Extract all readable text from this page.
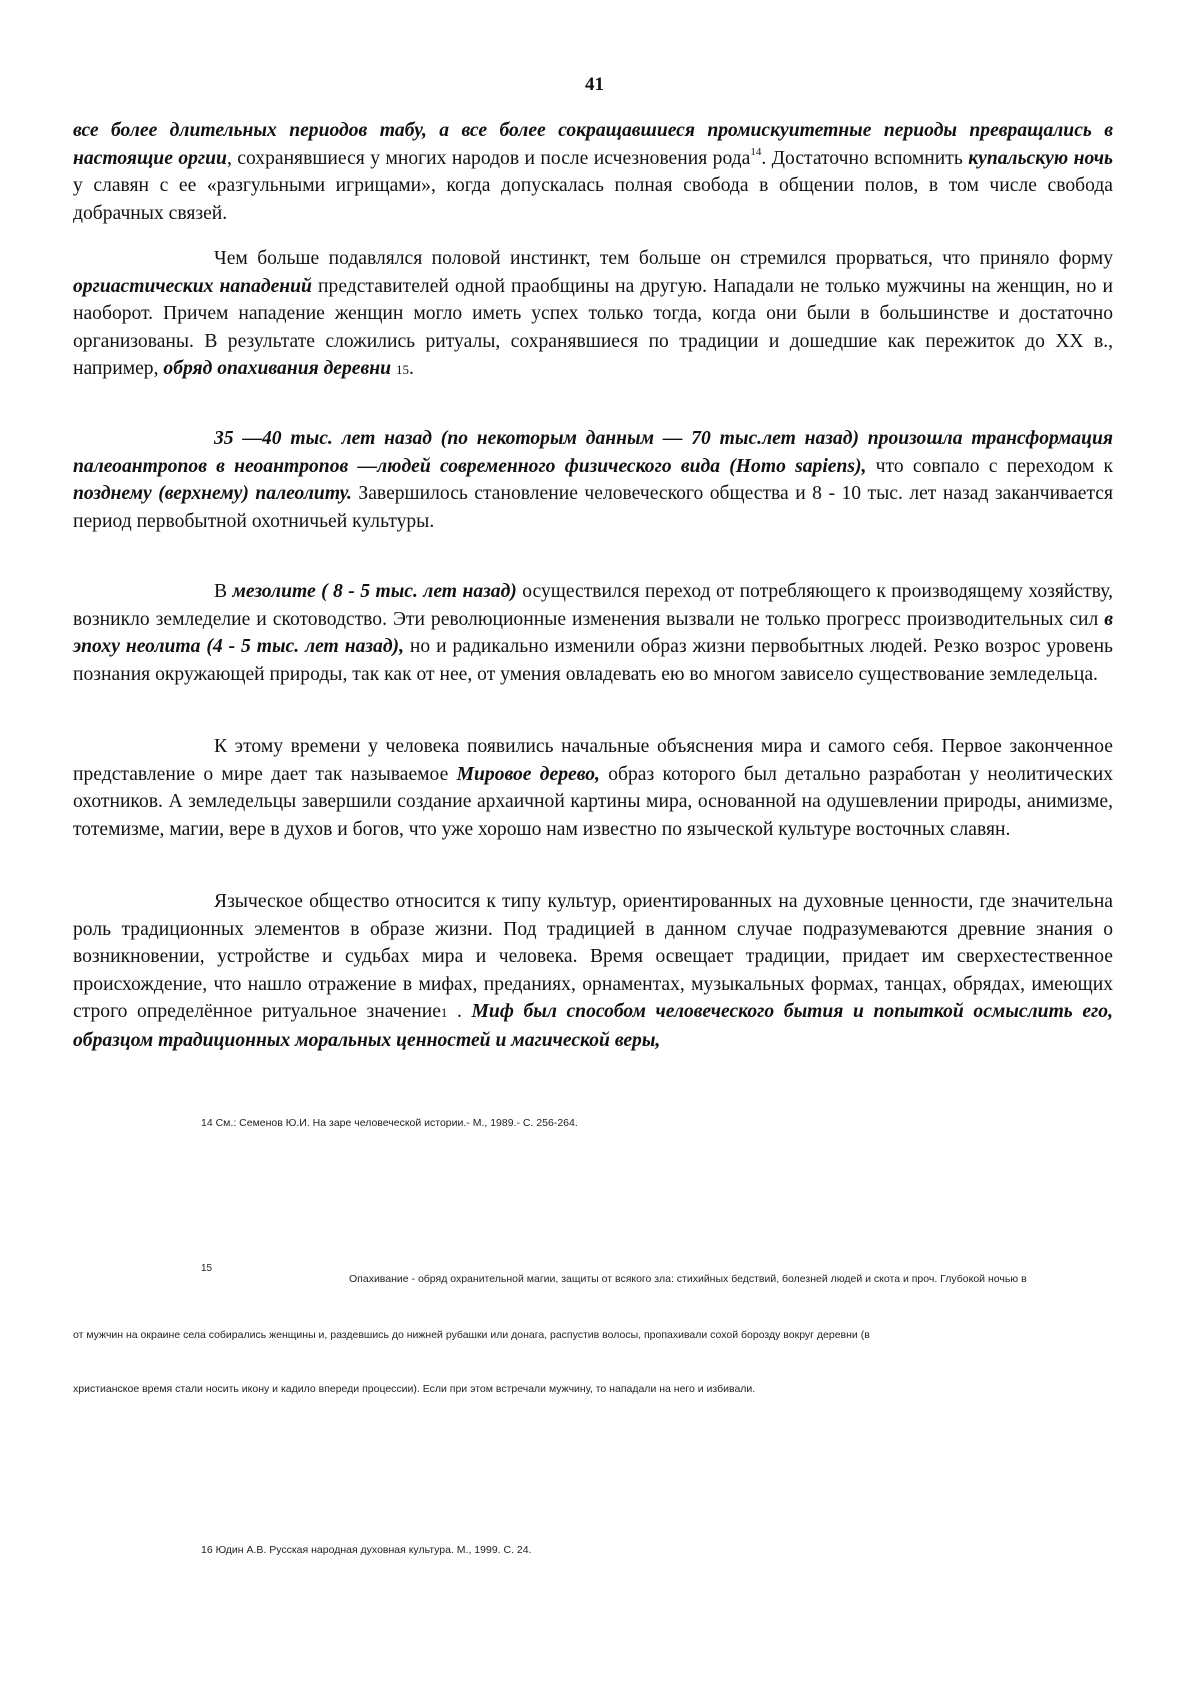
41

все более длительных периодов табу, а все более сокращавшиеся промискуитетные периоды превращались в настоящие оргии, сохранявшиеся у многих народов и после исчезновения рода$^{14}$. Достаточно вспомнить купальскую ночь у славян с ее «разгульными игрищами», когда допускалась полная свобода в общении полов, в том числе свобода добрачных связей.

Чем больше подавлялся половой инстинкт, тем больше он стремился прорваться, что приняло форму оргиастических нападений представителей одной праобщины на другую. Нападали не только мужчины на женщин, но и наоборот. Причем нападение женщин могло иметь успех только тогда, когда они были в большинстве и достаточно организованы. В результате сложились ритуалы, сохранявшиеся по традиции и дошедшие как пережиток до XX в., например, обряд опахивания деревни 15.

35 —40 тыс. лет назад (по некоторым данным — 70 тыс.лет назад) произошла трансформация палеоантропов в неоантропов —людей современного физического вида (Homo sapiens), что совпало с переходом к позднему (верхнему) палеолиту. Завершилось становление человеческого общества и 8 - 10 тыс. лет назад заканчивается период первобытной охотничьей культуры.

В мезолите ( 8 - 5 тыс. лет назад) осуществился переход от потребляющего к производящему хозяйству, возникло земледелие и скотоводство. Эти революционные изменения вызвали не только прогресс производительных сил в эпоху неолита (4 - 5 тыс. лет назад), но и радикально изменили образ жизни первобытных людей. Резко возрос уровень познания окружающей природы, так как от нее, от умения овладевать ею во многом зависело существование земледельца.

К этому времени у человека появились начальные объяснения мира и самого себя. Первое законченное представление о мире дает так называемое Мировое дерево, образ которого был детально разработан у неолитических охотников. А земледельцы завершили создание архаичной картины мира, основанной на одушевлении природы, анимизме, тотемизме, магии, вере в духов и богов, что уже хорошо нам известно по языческой культуре восточных славян.

Языческое общество относится к типу культур, ориентированных на духовные ценности, где значительна роль традиционных элементов в образе жизни. Под традицией в данном случае подразумеваются древние знания о возникновении, устройстве и судьбах мира и человека. Время освещает традиции, придает им сверхестественное происхождение, что нашло отражение в мифах, преданиях, орнаментах, музыкальных формах, танцах, обрядах, имеющих строго определённое ритуальное значение1 . Миф был способом человеческого бытия и попыткой осмыслить его, образцом традиционных моральных ценностей и магической веры,

14 См.: Семенов Ю.И. На заре человеческой истории.- М., 1989.- С. 256-264.
15
Опахивание - обряд охранительной магии, защиты от всякого зла: стихийных бедствий, болезней людей и скота и проч. Глубокой ночью в
от мужчин на окраине села собирались женщины и, раздевшись до нижней рубашки или донага, распустив волосы, пропахивали сохой борозду вокруг деревни (в
христианское время стали носить икону и кадило впереди процессии). Если при этом встречали мужчину, то нападали на него и избивали.
16 Юдин А.В. Русская народная духовная культура. М., 1999. С. 24.
